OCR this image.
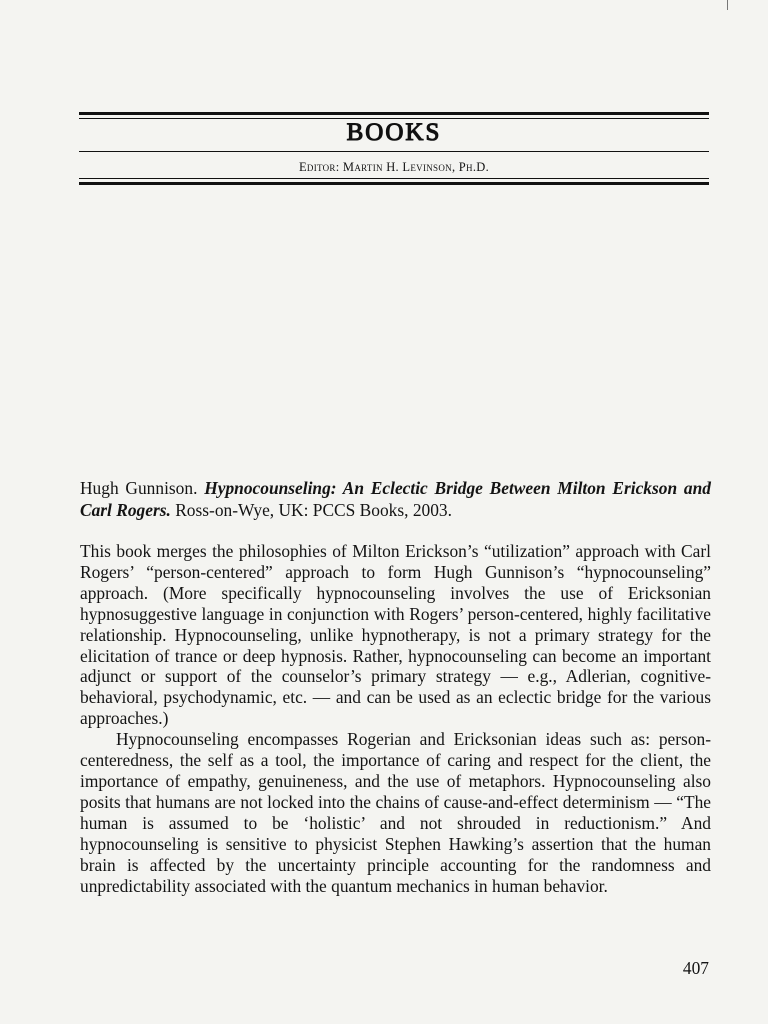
BOOKS
Editor: Martin H. Levinson, Ph.D.
Hugh Gunnison. Hypnocounseling: An Eclectic Bridge Between Milton Erickson and Carl Rogers. Ross-on-Wye, UK: PCCS Books, 2003.

This book merges the philosophies of Milton Erickson’s “utilization” approach with Carl Rogers’ “person-centered” approach to form Hugh Gunnison’s “hypnocounseling” approach. (More specifically hypnocounseling involves the use of Ericksonian hypnosuggestive language in conjunction with Rogers’ person-centered, highly facilitative relationship. Hypnocounseling, unlike hypnotherapy, is not a primary strategy for the elicitation of trance or deep hypnosis. Rather, hypnocounseling can become an important adjunct or support of the counselor’s primary strategy — e.g., Adlerian, cognitive-behavioral, psychodynamic, etc. — and can be used as an eclectic bridge for the various approaches.)

Hypnocounseling encompasses Rogerian and Ericksonian ideas such as: person-centeredness, the self as a tool, the importance of caring and respect for the client, the importance of empathy, genuineness, and the use of metaphors. Hypnocounseling also posits that humans are not locked into the chains of cause-and-effect determinism — “The human is assumed to be ‘holistic’ and not shrouded in reductionism.” And hypnocounseling is sensitive to physicist Stephen Hawking’s assertion that the human brain is affected by the uncertainty principle accounting for the randomness and unpredictability associated with the quantum mechanics in human behavior.

407
